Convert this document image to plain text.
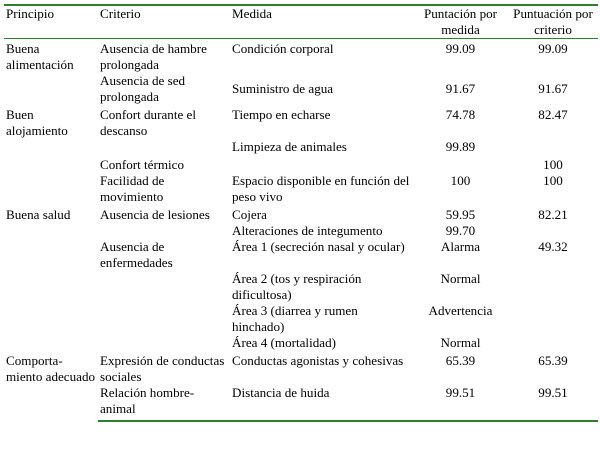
Principio	Criterio	Medida	Puntación por medida	Puntuación por criterio
Buena alimentación	Ausencia de hambre prolongada	Condición corporal	99.09	99.09
	Ausencia de sed prolongada	Suministro de agua	91.67	91.67
Buen alojamiento	Confort durante el descanso	Tiempo en echarse	74.78	82.47
		Limpieza de animales	99.89	
	Confort térmico			100
	Facilidad de movimiento	Espacio disponible en función del peso vivo	100	100
Buena salud	Ausencia de lesiones	Cojera	59.95	82.21
		Alteraciones de integumento	99.70	
	Ausencia de enfermedades	Área 1 (secreción nasal y ocular)	Alarma	49.32
		Área 2 (tos y respiración dificultosa)	Normal	
		Área 3 (diarrea y rumen hinchado)	Advertencia	
		Área 4 (mortalidad)	Normal	
Comporta-miento adecuado	Expresión de conductas sociales	Conductas agonistas y cohesivas	65.39	65.39
	Relación hombre-animal	Distancia de huida	99.51	99.51
